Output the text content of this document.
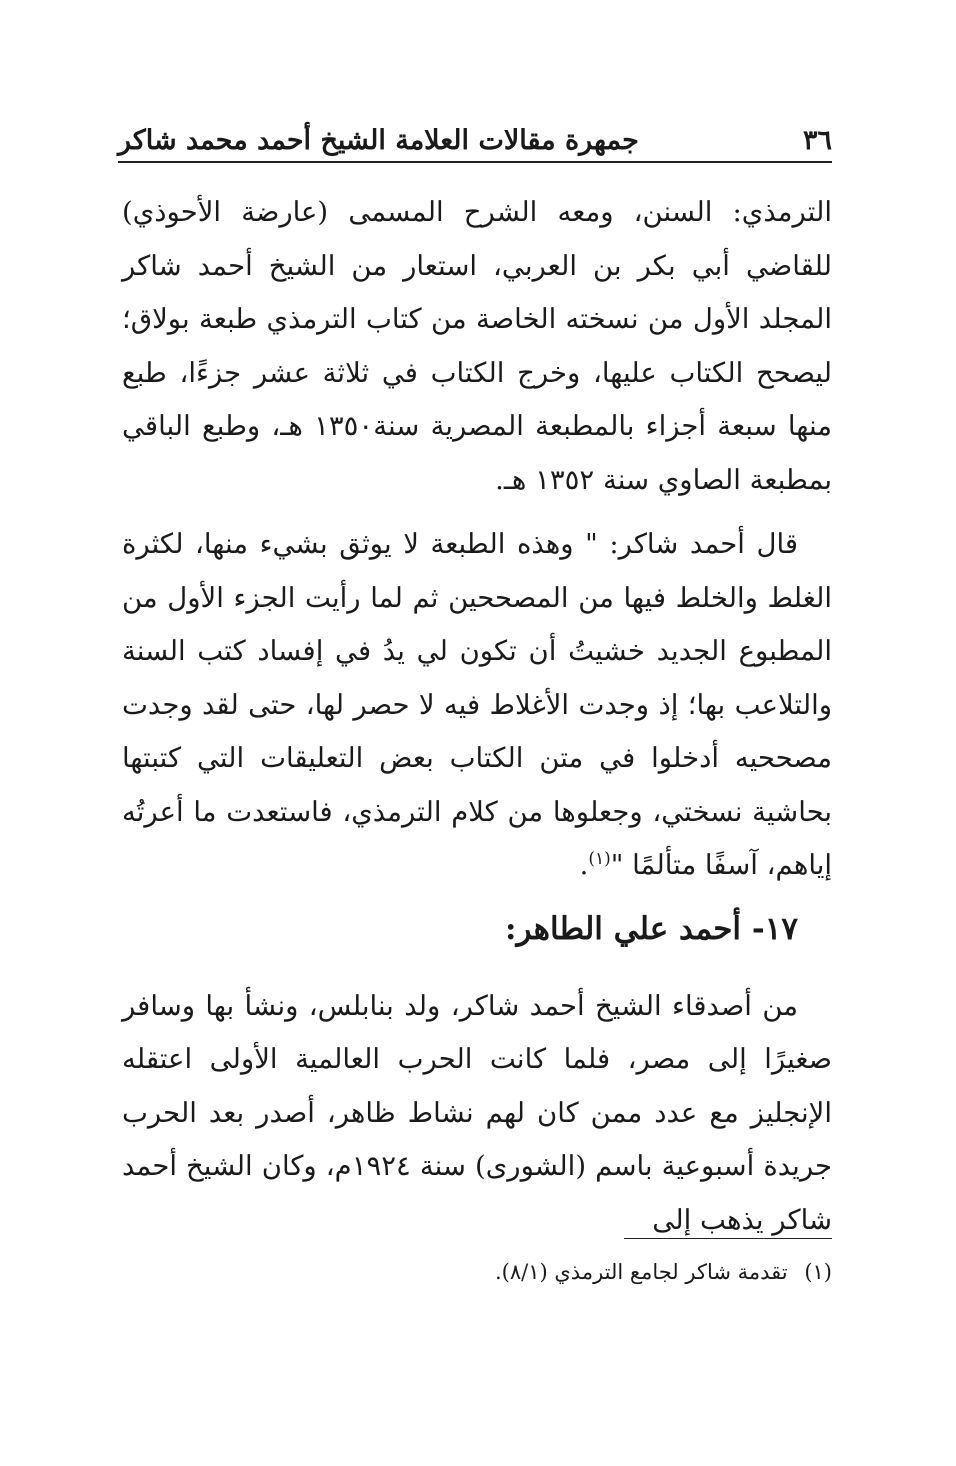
٣٦
جمهرة مقالات العلامة الشيخ أحمد محمد شاكر

الترمذي: السنن، ومعه الشرح المسمى (عارضة الأحوذي) للقاضي أبي بكر بن العربي، استعار من الشيخ أحمد شاكر المجلد الأول من نسخته الخاصة من كتاب الترمذي طبعة بولاق؛ ليصحح الكتاب عليها، وخرج الكتاب في ثلاثة عشر جزءًا، طبع منها سبعة أجزاء بالمطبعة المصرية سنة١٣٥٠ هـ، وطبع الباقي بمطبعة الصاوي سنة ١٣٥٢ هـ.

قال أحمد شاكر: " وهذه الطبعة لا يوثق بشيء منها، لكثرة الغلط والخلط فيها من المصححين ثم لما رأيت الجزء الأول من المطبوع الجديد خشيتُ أن تكون لي يدُ في إفساد كتب السنة والتلاعب بها؛ إذ وجدت الأغلاط فيه لا حصر لها، حتى لقد وجدت مصححيه أدخلوا في متن الكتاب بعض التعليقات التي كتبتها بحاشية نسختي، وجعلوها من كلام الترمذي، فاستعدت ما أعرتُه إياهم، آسفًا متألمًا "$^{(١)}$.

١٧- أحمد علي الطاهر:

من أصدقاء الشيخ أحمد شاكر، ولد بنابلس، ونشأ بها وسافر صغيرًا إلى مصر، فلما كانت الحرب العالمية الأولى اعتقله الإنجليز مع عدد ممن كان لهم نشاط ظاهر، أصدر بعد الحرب جريدة أسبوعية باسم (الشورى) سنة ١٩٢٤م، وكان الشيخ أحمد شاكر يذهب إلى

(١) تقدمة شاكر لجامع الترمذي (٨/١).
